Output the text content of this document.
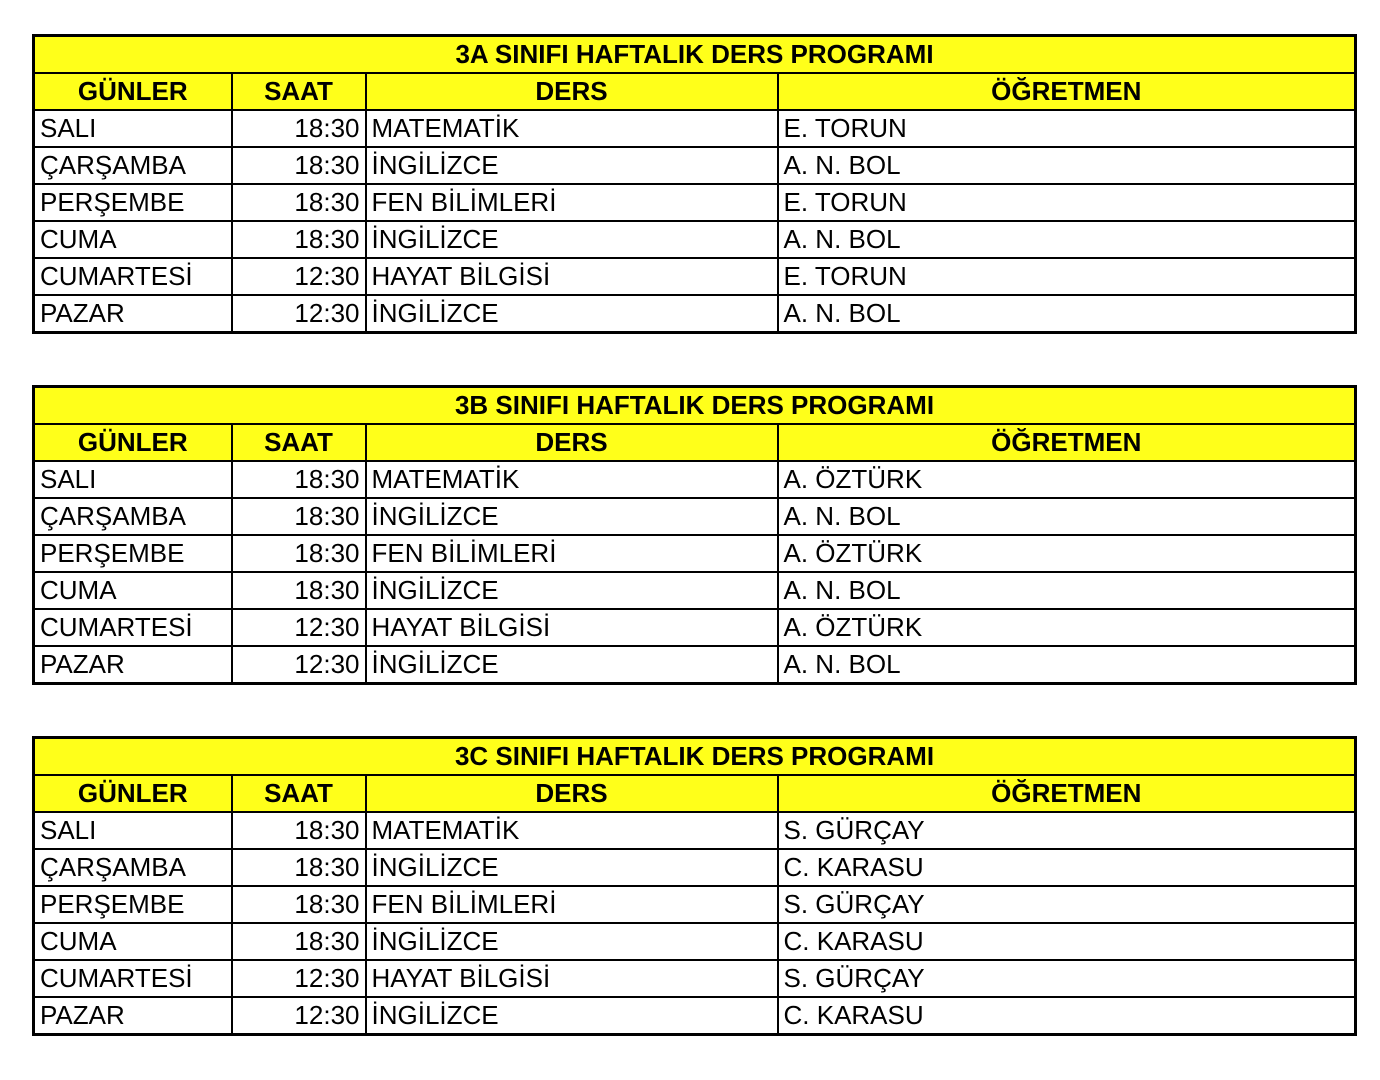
3A SINIFI HAFTALIK DERS PROGRAMI			
GÜNLER	SAAT	DERS	ÖĞRETMEN
SALI	18:30	MATEMATİK	E. TORUN
ÇARŞAMBA	18:30	İNGİLİZCE	A. N. BOL
PERŞEMBE	18:30	FEN BİLİMLERİ	E. TORUN
CUMA	18:30	İNGİLİZCE	A. N. BOL
CUMARTESİ	12:30	HAYAT BİLGİSİ	E. TORUN
PAZAR	12:30	İNGİLİZCE	A. N. BOL
3B SINIFI HAFTALIK DERS PROGRAMI			
GÜNLER	SAAT	DERS	ÖĞRETMEN
SALI	18:30	MATEMATİK	A. ÖZTÜRK
ÇARŞAMBA	18:30	İNGİLİZCE	A. N. BOL
PERŞEMBE	18:30	FEN BİLİMLERİ	A. ÖZTÜRK
CUMA	18:30	İNGİLİZCE	A. N. BOL
CUMARTESİ	12:30	HAYAT BİLGİSİ	A. ÖZTÜRK
PAZAR	12:30	İNGİLİZCE	A. N. BOL
3C SINIFI HAFTALIK DERS PROGRAMI			
GÜNLER	SAAT	DERS	ÖĞRETMEN
SALI	18:30	MATEMATİK	S. GÜRÇAY
ÇARŞAMBA	18:30	İNGİLİZCE	C. KARASU
PERŞEMBE	18:30	FEN BİLİMLERİ	S. GÜRÇAY
CUMA	18:30	İNGİLİZCE	C. KARASU
CUMARTESİ	12:30	HAYAT BİLGİSİ	S. GÜRÇAY
PAZAR	12:30	İNGİLİZCE	C. KARASU
